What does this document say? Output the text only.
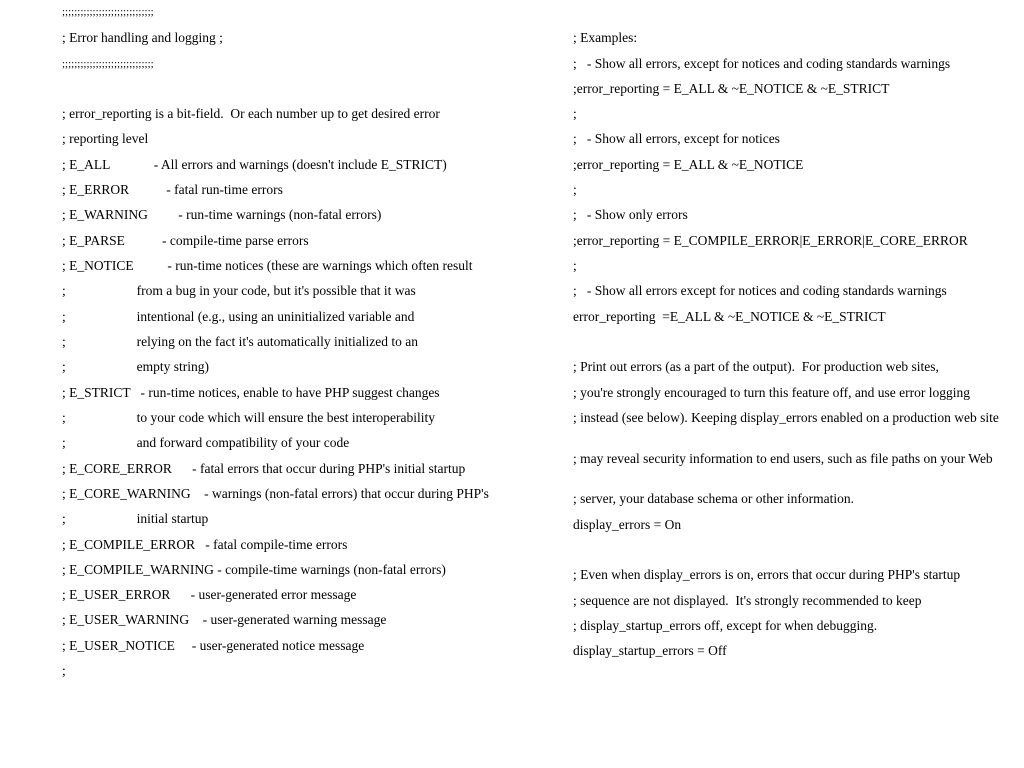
;;;;;;;;;;;;;;;;;;;;;;;;;;;;;;
; Error handling and logging ;
;;;;;;;;;;;;;;;;;;;;;;;;;;;;;;
; error_reporting is a bit-field.  Or each number up to get desired error
; reporting level
; E_ALL             - All errors and warnings (doesn't include E_STRICT)
; E_ERROR           - fatal run-time errors
; E_WARNING         - run-time warnings (non-fatal errors)
; E_PARSE           - compile-time parse errors
; E_NOTICE          - run-time notices (these are warnings which often result
;                     from a bug in your code, but it's possible that it was
;                     intentional (e.g., using an uninitialized variable and
;                     relying on the fact it's automatically initialized to an
;                     empty string)
; E_STRICT   - run-time notices, enable to have PHP suggest changes
;                     to your code which will ensure the best interoperability
;                     and forward compatibility of your code
; E_CORE_ERROR      - fatal errors that occur during PHP's initial startup
; E_CORE_WARNING    - warnings (non-fatal errors) that occur during PHP's
;                     initial startup
; E_COMPILE_ERROR   - fatal compile-time errors
; E_COMPILE_WARNING - compile-time warnings (non-fatal errors)
; E_USER_ERROR      - user-generated error message
; E_USER_WARNING    - user-generated warning message
; E_USER_NOTICE     - user-generated notice message
;
; Examples:
;   - Show all errors, except for notices and coding standards warnings
;error_reporting = E_ALL & ~E_NOTICE & ~E_STRICT
;
;   - Show all errors, except for notices
;error_reporting = E_ALL & ~E_NOTICE
;
;   - Show only errors
;error_reporting = E_COMPILE_ERROR|E_ERROR|E_CORE_ERROR
;
;   - Show all errors except for notices and coding standards warnings
error_reporting  =E_ALL & ~E_NOTICE & ~E_STRICT
; Print out errors (as a part of the output).  For production web sites,
; you're strongly encouraged to turn this feature off, and use error logging
; instead (see below). Keeping display_errors enabled on a production web site
; may reveal security information to end users, such as file paths on your Web
; server, your database schema or other information.
display_errors = On
; Even when display_errors is on, errors that occur during PHP's startup
; sequence are not displayed.  It's strongly recommended to keep
; display_startup_errors off, except for when debugging.
display_startup_errors = Off
